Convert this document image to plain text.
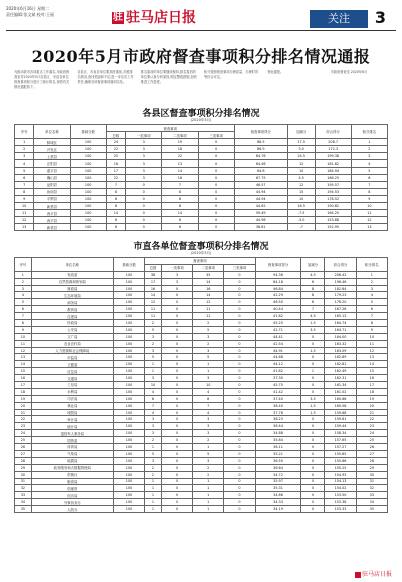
2020年6月16日 星期二
责任编辑:张文斌 校对:王丽	驻 驻马店日报	关注	3
2020年5月市政府督查事项积分排名情况通报

为推动我市各项重点工作落实,市政府督查室对2020年5月各县区、市直各单位督查事项积分进行了统计排名,现将有关情况通报如下。

各县区、市直各单位要高度重视,对照排名情况,查找差距和不足,进一步压实工作责任,确保各项督查事项落到实处。

排名靠前的单位要继续保持,排名靠后的单位要认真分析原因,制定整改措施,加快推进工作进度。

积分按照督查事项办理质量、办理时效等综合评定。

特此通报。	市政府督查室 2020年6月

各县区督查事项积分排名情况
(2020年5月)
序号	单位名称	基础分数	督查事项				督查事项得分	加减分	综合得分	积分排名
			总数	一类事项	二类事项	三类事项				
1	驿城区	100	24	3	19	0	88.5	17.5	206.7	1
2	开发区	100	22	3	18	0	86.9	5.0	172.3	2
3	上蔡县	100	25	3	22	0	84.76	24.5	199.38	3
4	正阳县	100	16	3	13	0	64.46	12	181.82	4
5	遂平县	100	17	3	14	0	64.8	10	184.94	5
6	确山县	100	22	3	16	0	67.75	4.5	166.25	6
7	泌阳县	100	7	0	7	0	46.57	12	195.57	7
8	汝南县	100	8	0	8	0	44.94	15	194.53	8
9	平舆县	100	8	0	8	0	44.94	10	178.52	9
10	新蔡县	100	8	0	8	0	44.62	16.5	190.82	10
11	西平县	100	14	0	14	0	59.49	-7.5	164.25	11
12	西平县	100	6	0	6	0	44.98	-3.0	153.88	12
13	新蔡县	100	6	0	6	0	36.61	-7	152.95	13
市直各单位督查事项积分排名情况
(2020年5月)
序号	单位名称	基础分数	督查事项				督查事项得分	加减分	综合得分	积分排名
			总数	一类事项	二类事项	三类事项				
1	发改委	100	38	3	35	0	94.36	4.5	206.42	1
2	自然资源和规划局	100	17	3	14	0	84.18	6	196.46	2
3	财政局	100	16	0	16	0	46.84	8	182.84	3
4	生态环境局	100	14	0	14	0	42.29	8	179.23	4
5	商务局	100	12	0	12	0	46.50	6	176.20	5
6	教育局	100	11	0	11	0	40.44	7	167.26	6
7	住建局	100	11	0	11	0	41.82	4.5	165.13	7
8	民政局	100	2	0	2	0	45.25	1.5	164.74	8
9	公安局	100	5	0	5	0	42.71	3.5	164.71	9
10	文广局	100	3	0	3	0	44.41	0	164.00	10
11	农业农村局	100	2	0	2	0	42.54	0	163.32	11
12	人力资源和社会保障局	100	3	0	3	0	44.91	1.5	163.09	12
13	市监局	100	5	0	5	0	44.68	0	162.89	13
14	卫健委	100	1	0	1	0	44.12	0	162.81	14
15	应急局	100	1	0	1	0	41.82	1	162.49	15
16	交通局	100	3	0	3	0	37.30	0	162.31	16
17	工信局	100	10	0	10	0	45.75	0	161.34	17
18	水利局	100	4	0	4	0	41.42	0	161.02	18
19	司法局	100	8	0	8	0	37.40	3.5	160.88	19
20	林业局	100	7	0	7	0	38.40	1.5	160.08	20
21	城管局	100	4	0	4	0	37.78	1.5	159.68	21
22	审计局	100	3	0	3	0	36.23	0	159.61	22
23	统计局	100	3	0	3	0	36.44	0	159.44	23
24	退役军人事务局	100	3	0	3	0	34.88	0	158.34	24
25	国资委	100	2	0	2	0	35.84	0	157.65	25
26	体育局	100	1	0	1	0	36.11	0	157.27	26
27	气象局	100	5	0	5	0	35.21	0	155.85	27
28	地震局	100	3	0	3	0	36.55	0	155.66	28
29	政务服务和大数据管理局	100	2	0	2	0	36.64	0	155.25	29
30	供销社	100	2	0	2	0	34.72	0	154.93	30
31	粮食局	100	1	0	1	0	35.97	0	154.13	31
32	档案馆	100	1	0	1	0	35.31	0	154.02	32
33	信访局	100	1	0	1	0	34.86	0	153.50	33
34	外事侨务办	100	1	0	1	0	34.33	0	153.38	34
35	人防办	100	1	0	1	0	34.19	0	153.33	35
驻马店日报
